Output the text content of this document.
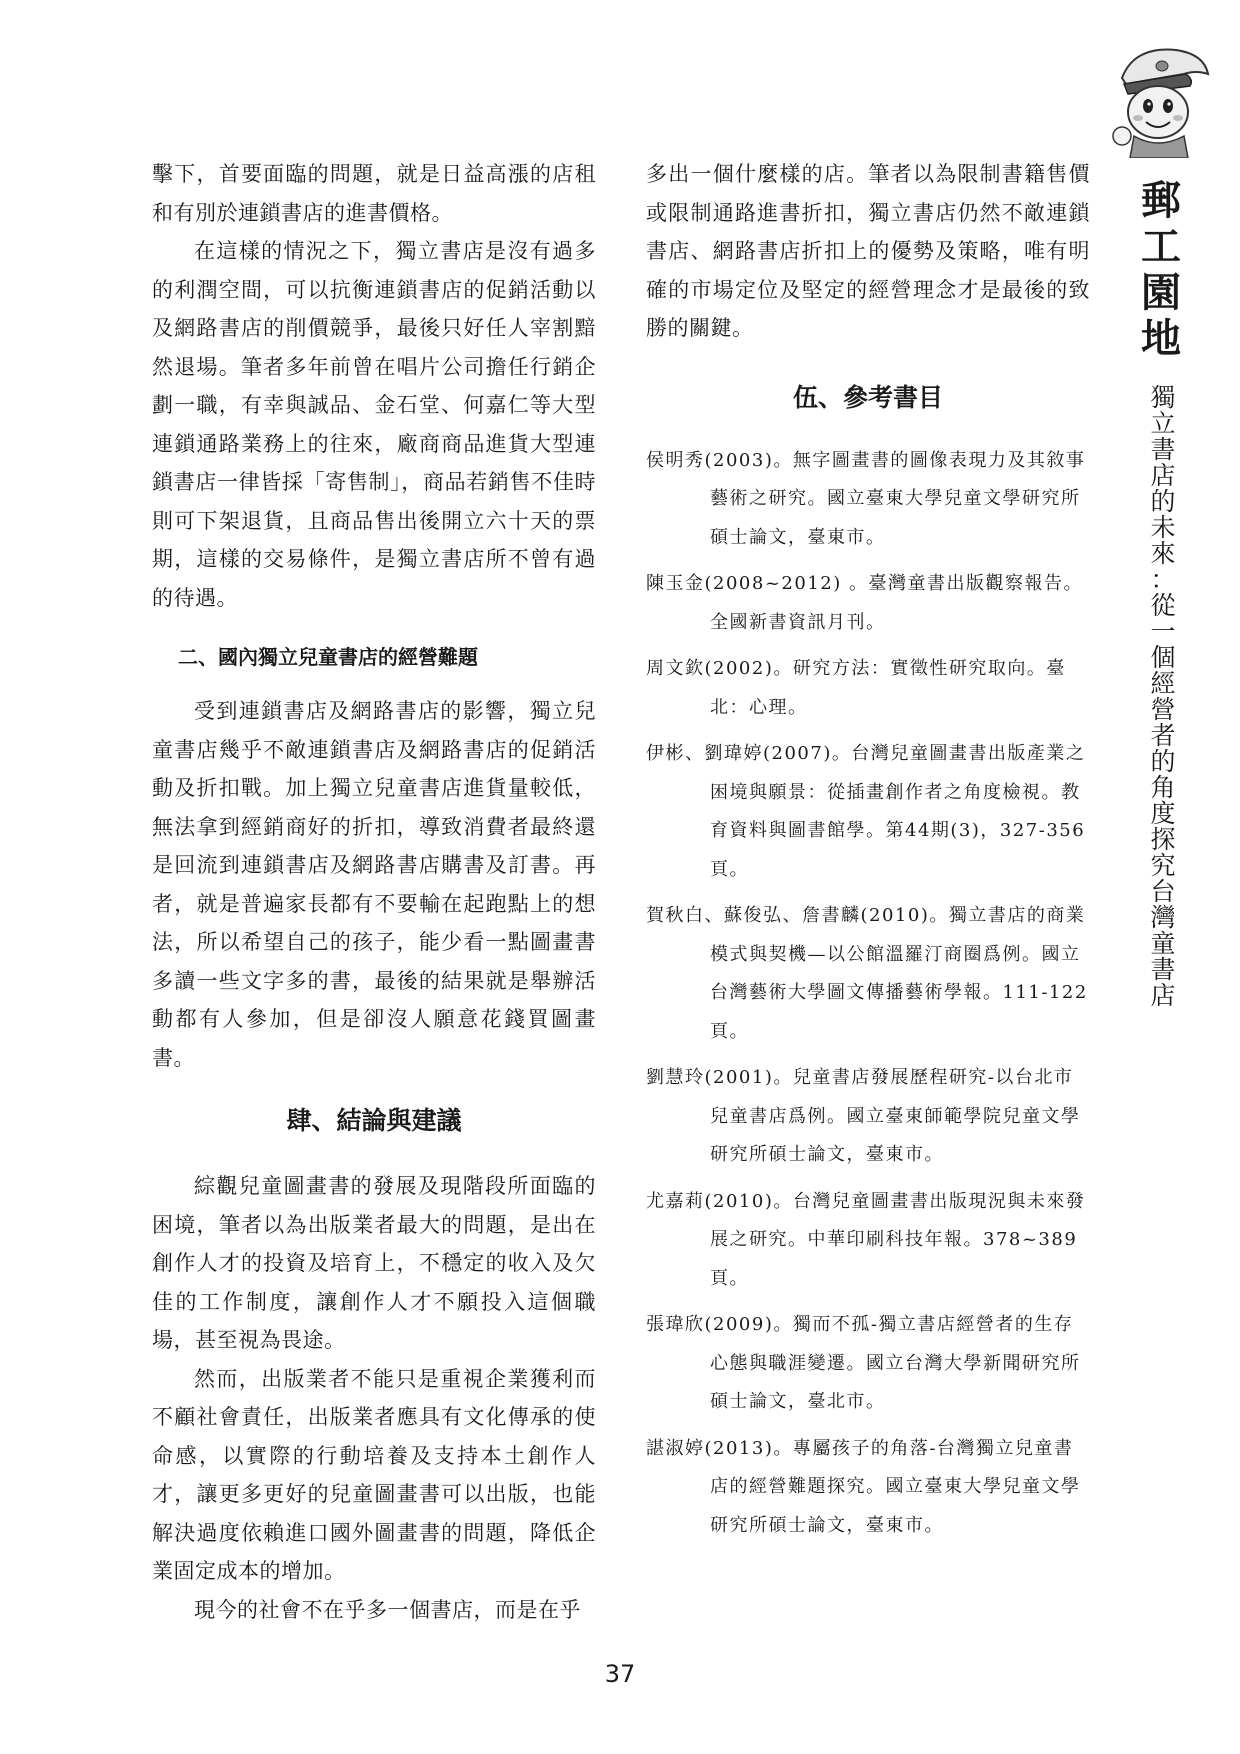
擊下，首要面臨的問題，就是日益高漲的店租和有別於連鎖書店的進書價格。

在這樣的情況之下，獨立書店是沒有過多的利潤空間，可以抗衡連鎖書店的促銷活動以及網路書店的削價競爭，最後只好任人宰割黯然退場。筆者多年前曾在唱片公司擔任行銷企劃一職，有幸與誠品、金石堂、何嘉仁等大型連鎖通路業務上的往來，廠商商品進貨大型連鎖書店一律皆採「寄售制」，商品若銷售不佳時則可下架退貨，且商品售出後開立六十天的票期，這樣的交易條件，是獨立書店所不曾有過的待遇。

二、國內獨立兒童書店的經營難題

受到連鎖書店及網路書店的影響，獨立兒童書店幾乎不敵連鎖書店及網路書店的促銷活動及折扣戰。加上獨立兒童書店進貨量較低，無法拿到經銷商好的折扣，導致消費者最終還是回流到連鎖書店及網路書店購書及訂書。再者，就是普遍家長都有不要輸在起跑點上的想法，所以希望自己的孩子，能少看一點圖畫書多讀一些文字多的書，最後的結果就是舉辦活動都有人參加，但是卻沒人願意花錢買圖畫書。

肆、結論與建議

綜觀兒童圖畫書的發展及現階段所面臨的困境，筆者以為出版業者最大的問題，是出在創作人才的投資及培育上，不穩定的收入及欠佳的工作制度，讓創作人才不願投入這個職場，甚至視為畏途。

然而，出版業者不能只是重視企業獲利而不顧社會責任，出版業者應具有文化傳承的使命感，以實際的行動培養及支持本土創作人才，讓更多更好的兒童圖畫書可以出版，也能解決過度依賴進口國外圖畫書的問題，降低企業固定成本的增加。

現今的社會不在乎多一個書店，而是在乎

多出一個什麼樣的店。筆者以為限制書籍售價或限制通路進書折扣，獨立書店仍然不敵連鎖書店、網路書店折扣上的優勢及策略，唯有明確的市場定位及堅定的經營理念才是最後的致勝的關鍵。

伍、參考書目
侯明秀(2003)。無字圖畫書的圖像表現力及其敘事藝術之研究。國立臺東大學兒童文學研究所碩士論文，臺東市。
陳玉金(2008~2012) 。臺灣童書出版觀察報告。全國新書資訊月刊。
周文欽(2002)。研究方法：實徵性研究取向。臺北：心理。
伊彬、劉瑋婷(2007)。台灣兒童圖畫書出版產業之困境與願景：從插畫創作者之角度檢視。教育資料與圖書館學。第44期(3)，327-356頁。
賀秋白、蘇俊弘、詹書麟(2010)。獨立書店的商業模式與契機—以公館溫羅汀商圈爲例。國立台灣藝術大學圖文傳播藝術學報。111-122頁。
劉慧玲(2001)。兒童書店發展歷程研究-以台北市兒童書店爲例。國立臺東師範學院兒童文學研究所碩士論文，臺東市。
尤嘉莉(2010)。台灣兒童圖畫書出版現況與未來發展之研究。中華印刷科技年報。378~389頁。
張瑋欣(2009)。獨而不孤-獨立書店經營者的生存心態與職涯變遷。國立台灣大學新聞研究所碩士論文，臺北市。
諶淑婷(2013)。專屬孩子的角落-台灣獨立兒童書店的經營難題探究。國立臺東大學兒童文學研究所碩士論文，臺東市。
郵
工
園
地
獨
立
書
店
的
未
來
：
從
一
個
經
營
者
的
角
度
探
究
台
灣
童
書
店
37
